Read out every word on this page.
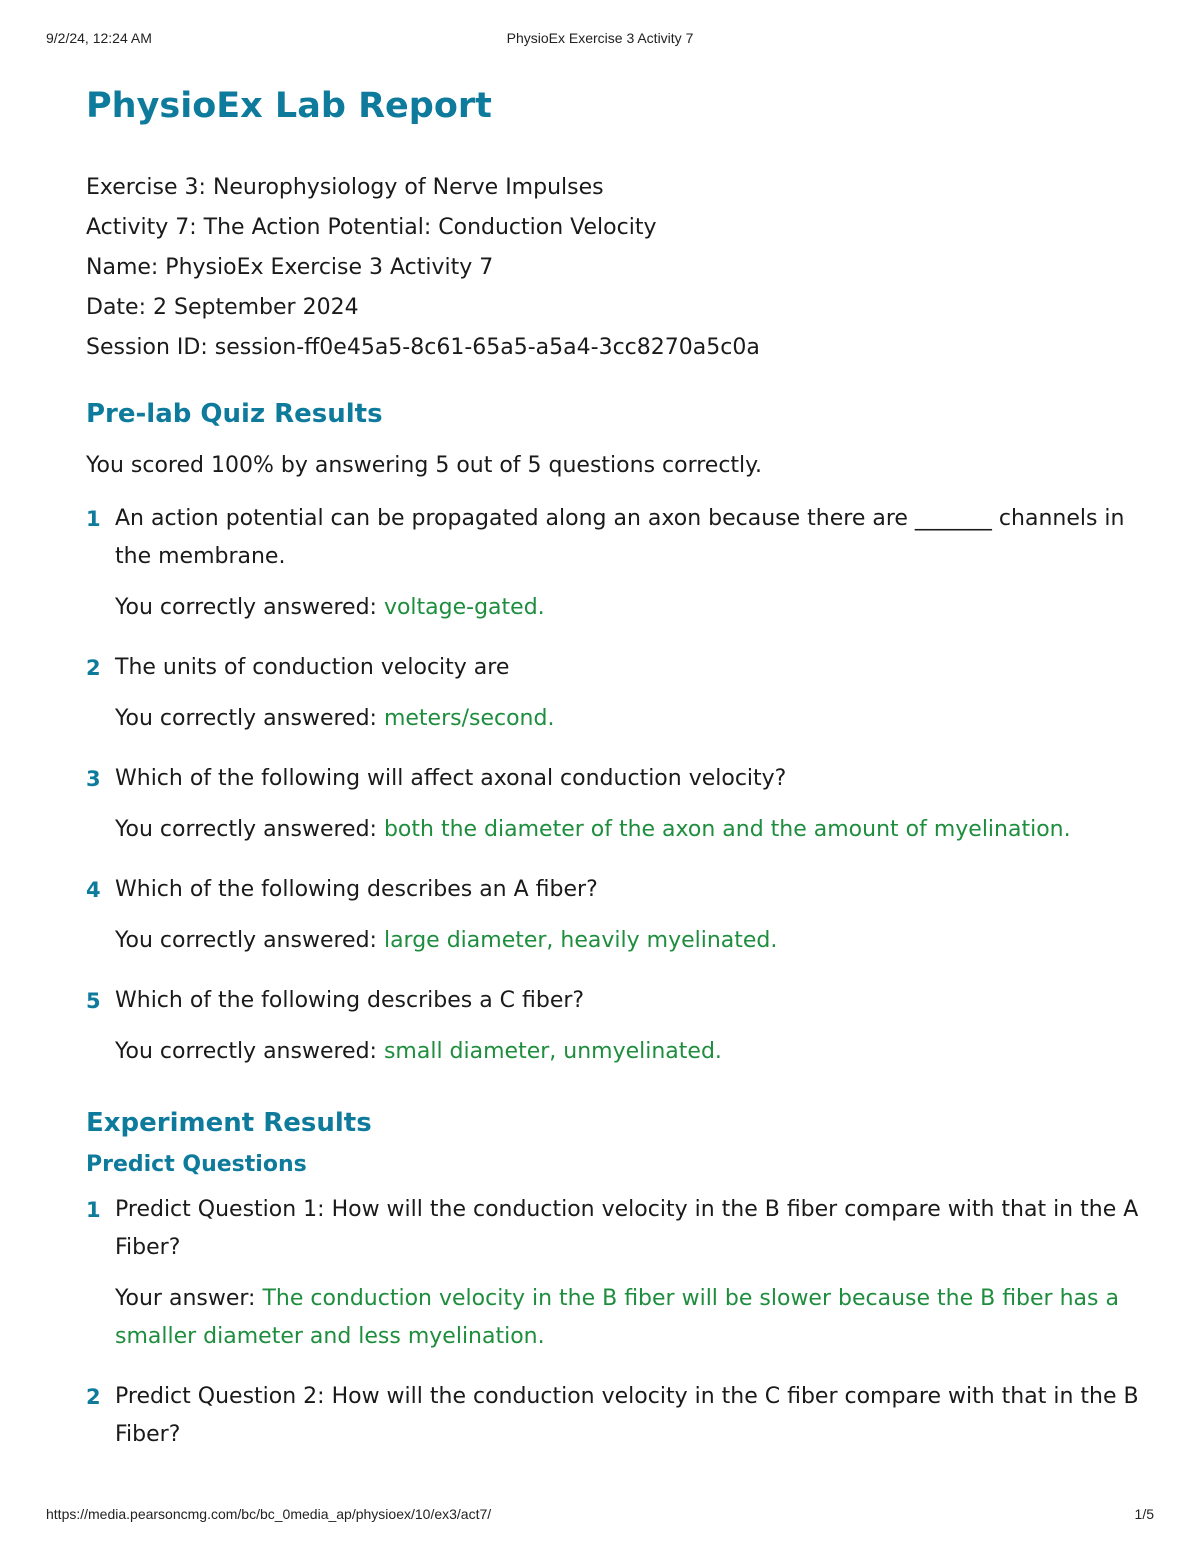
9/2/24, 12:24 AM	PhysioEx Exercise 3 Activity 7
PhysioEx Lab Report

Exercise 3: Neurophysiology of Nerve Impulses

Activity 7: The Action Potential: Conduction Velocity

Name: PhysioEx Exercise 3 Activity 7

Date: 2 September 2024

Session ID: session-ff0e45a5-8c61-65a5-a5a4-3cc8270a5c0a

Pre-lab Quiz Results
You scored 100% by answering 5 out of 5 questions correctly.
1 An action potential can be propagated along an axon because there are _______ channels in the membrane.

You correctly answered: voltage-gated.

2 The units of conduction velocity are

You correctly answered: meters/second.

3 Which of the following will affect axonal conduction velocity?

You correctly answered: both the diameter of the axon and the amount of myelination.

4 Which of the following describes an A fiber?

You correctly answered: large diameter, heavily myelinated.

5 Which of the following describes a C fiber?

You correctly answered: small diameter, unmyelinated.

Experiment Results
Predict Questions
1 Predict Question 1: How will the conduction velocity in the B fiber compare with that in the A Fiber?

Your answer: The conduction velocity in the B fiber will be slower because the B fiber has a smaller diameter and less myelination.

2 Predict Question 2: How will the conduction velocity in the C fiber compare with that in the B Fiber?

https://media.pearsoncmg.com/bc/bc_0media_ap/physioex/10/ex3/act7/	1/5
